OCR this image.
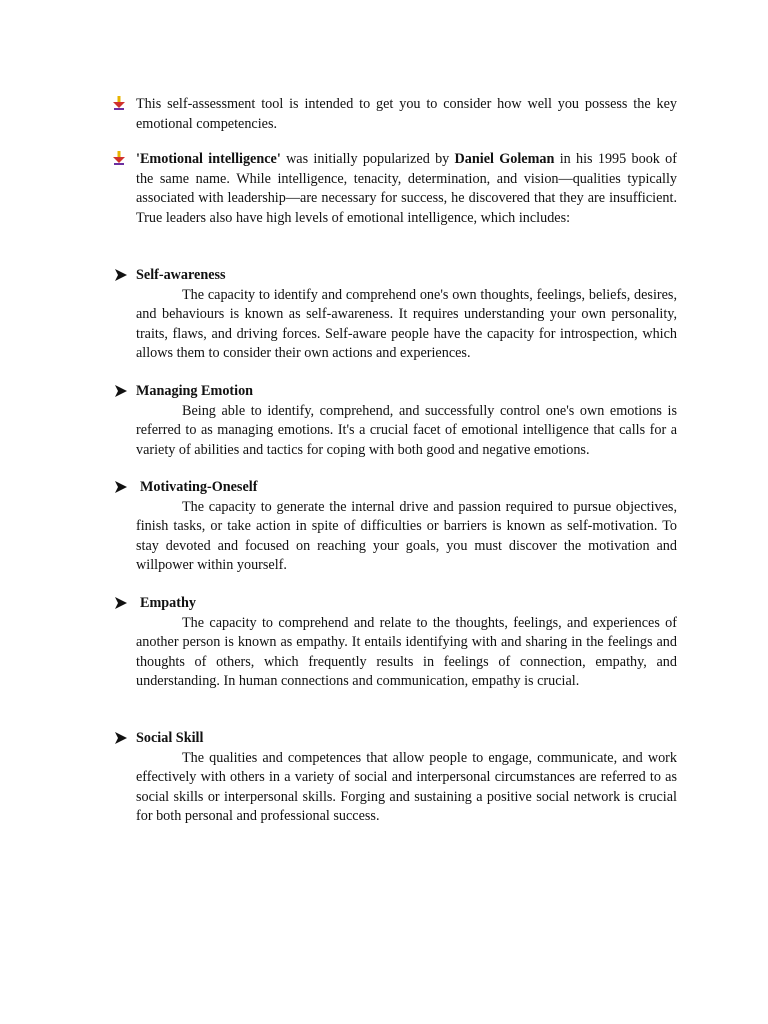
This self-assessment tool is intended to get you to consider how well you possess the key emotional competencies.
'Emotional intelligence' was initially popularized by Daniel Goleman in his 1995 book of the same name. While intelligence, tenacity, determination, and vision—qualities typically associated with leadership—are necessary for success, he discovered that they are insufficient. True leaders also have high levels of emotional intelligence, which includes:
Self-awareness
The capacity to identify and comprehend one's own thoughts, feelings, beliefs, desires, and behaviours is known as self-awareness. It requires understanding your own personality, traits, flaws, and driving forces. Self-aware people have the capacity for introspection, which allows them to consider their own actions and experiences.
Managing Emotion
Being able to identify, comprehend, and successfully control one's own emotions is referred to as managing emotions. It's a crucial facet of emotional intelligence that calls for a variety of abilities and tactics for coping with both good and negative emotions.
Motivating-Oneself
The capacity to generate the internal drive and passion required to pursue objectives, finish tasks, or take action in spite of difficulties or barriers is known as self-motivation. To stay devoted and focused on reaching your goals, you must discover the motivation and willpower within yourself.
Empathy
The capacity to comprehend and relate to the thoughts, feelings, and experiences of another person is known as empathy. It entails identifying with and sharing in the feelings and thoughts of others, which frequently results in feelings of connection, empathy, and understanding. In human connections and communication, empathy is crucial.
Social Skill
The qualities and competences that allow people to engage, communicate, and work effectively with others in a variety of social and interpersonal circumstances are referred to as social skills or interpersonal skills. Forging and sustaining a positive social network is crucial for both personal and professional success.
